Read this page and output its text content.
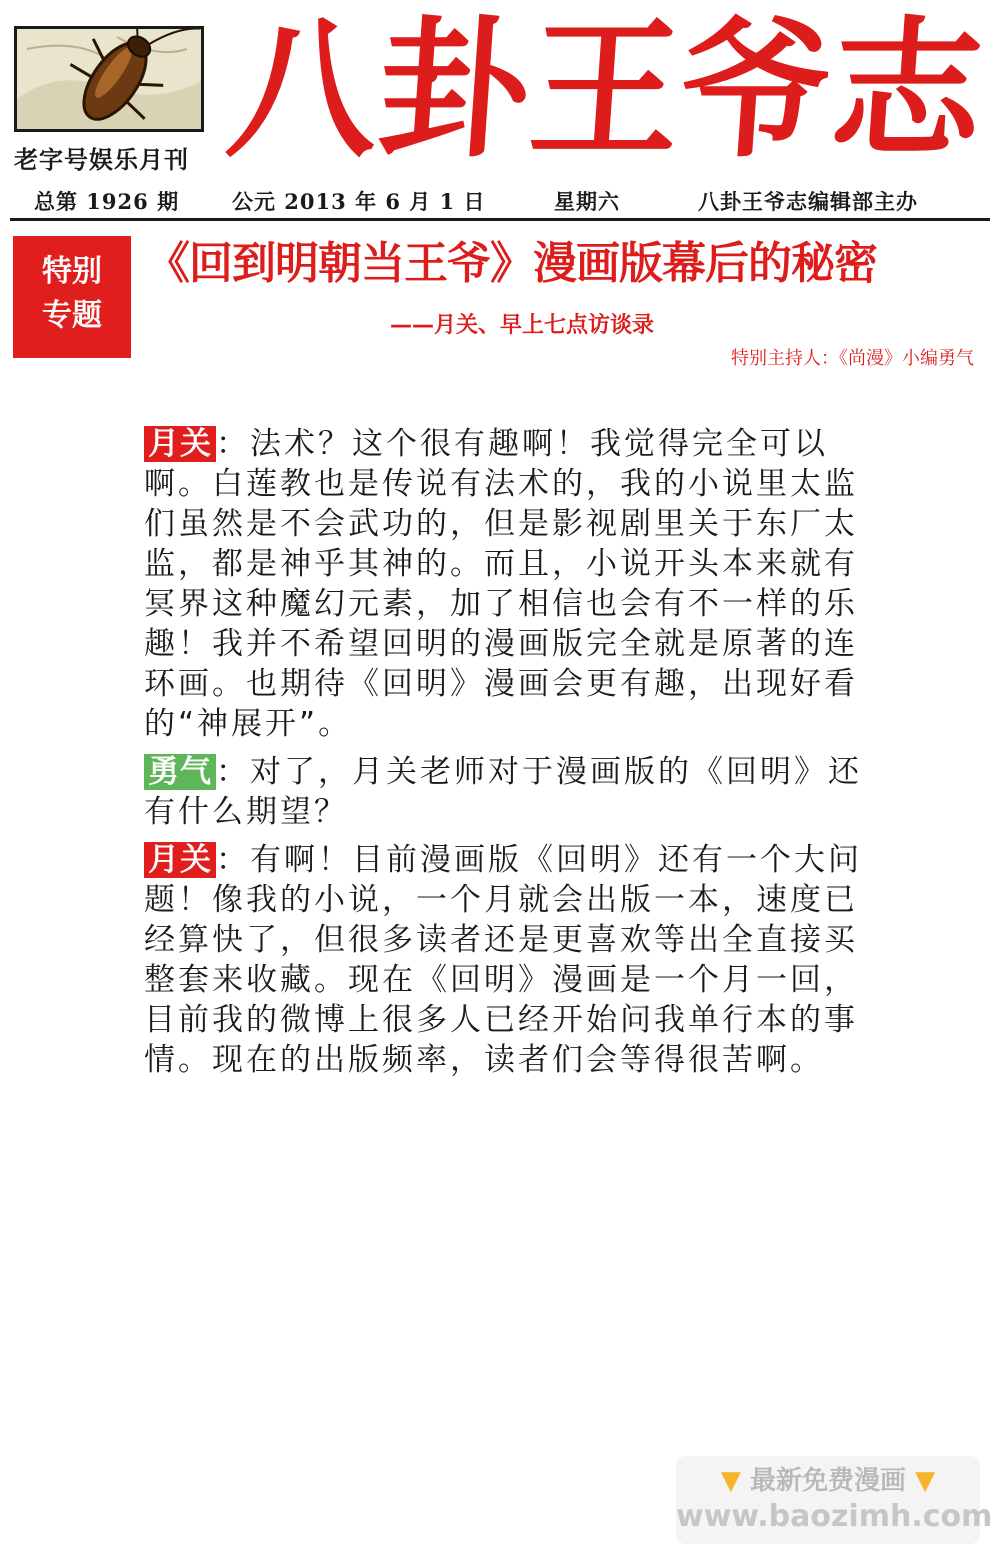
老字号娱乐月刊 八卦王爷志
总第 1926 期	公元 2013 年 6 月 1 日	星期六	八卦王爷志编辑部主办
特别
专题
《回到明朝当王爷》漫画版幕后的秘密
——月关、早上七点访谈录
特别主持人：《尚漫》小编勇气

月关 ：法术？这个很有趣啊！我觉得完全可以啊。白莲教也是传说有法术的，我的小说里太监们虽然是不会武功的，但是影视剧里关于东厂太监，都是神乎其神的。而且，小说开头本来就有冥界这种魔幻元素，加了相信也会有不一样的乐趣！我并不希望回明的漫画版完全就是原著的连环画。也期待《回明》漫画会更有趣，出现好看的“神展开”。

勇气 ：对了，月关老师对于漫画版的《回明》还有什么期望？

月关 ：有啊！目前漫画版《回明》还有一个大问题！像我的小说，一个月就会出版一本，速度已经算快了，但很多读者还是更喜欢等出全直接买整套来收藏。现在《回明》漫画是一个月一回，目前我的微博上很多人已经开始问我单行本的事情。现在的出版频率，读者们会等得很苦啊。

▼ 最新免费漫画 ▼
www.baozimh.com
